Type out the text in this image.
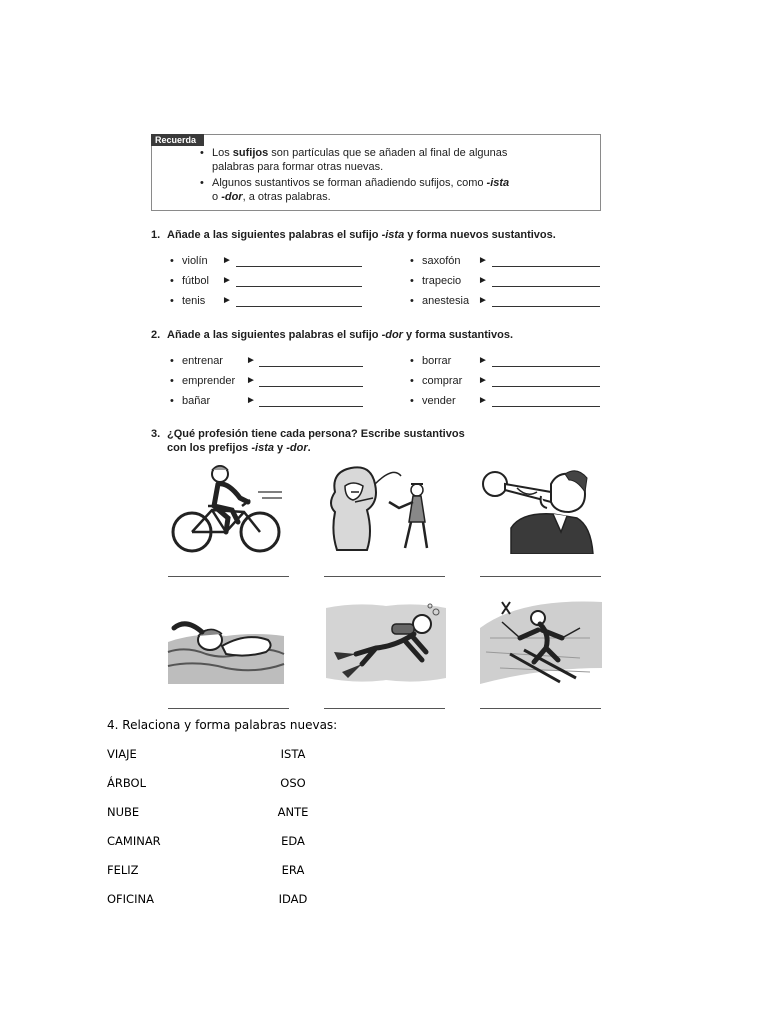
Recuerda
• Los sufijos son partículas que se añaden al final de algunas
palabras para formar otras nuevas.
• Algunos sustantivos se forman añadiendo sufijos, como -ista
o -dor, a otras palabras.
1. Añade a las siguientes palabras el sufijo -ista y forma nuevos sustantivos.
• violín ►
• fútbol ►
• tenis ►
• saxofón ►
• trapecio ►
• anestesia ►
2. Añade a las siguientes palabras el sufijo -dor y forma sustantivos.
• entrenar ►
• emprender ►
• bañar	►
• borrar	►
• comprar ►
• vender ►
3. ¿Qué profesión tiene cada persona? Escribe sustantivos
con los prefijos -ista y -dor.
4. Relaciona y forma palabras nuevas:
VIAJE	ISTA
ÁRBOL	OSO
NUBE	ANTE
CAMINAR	EDA
FELIZ	ERA
OFICINA	IDAD
